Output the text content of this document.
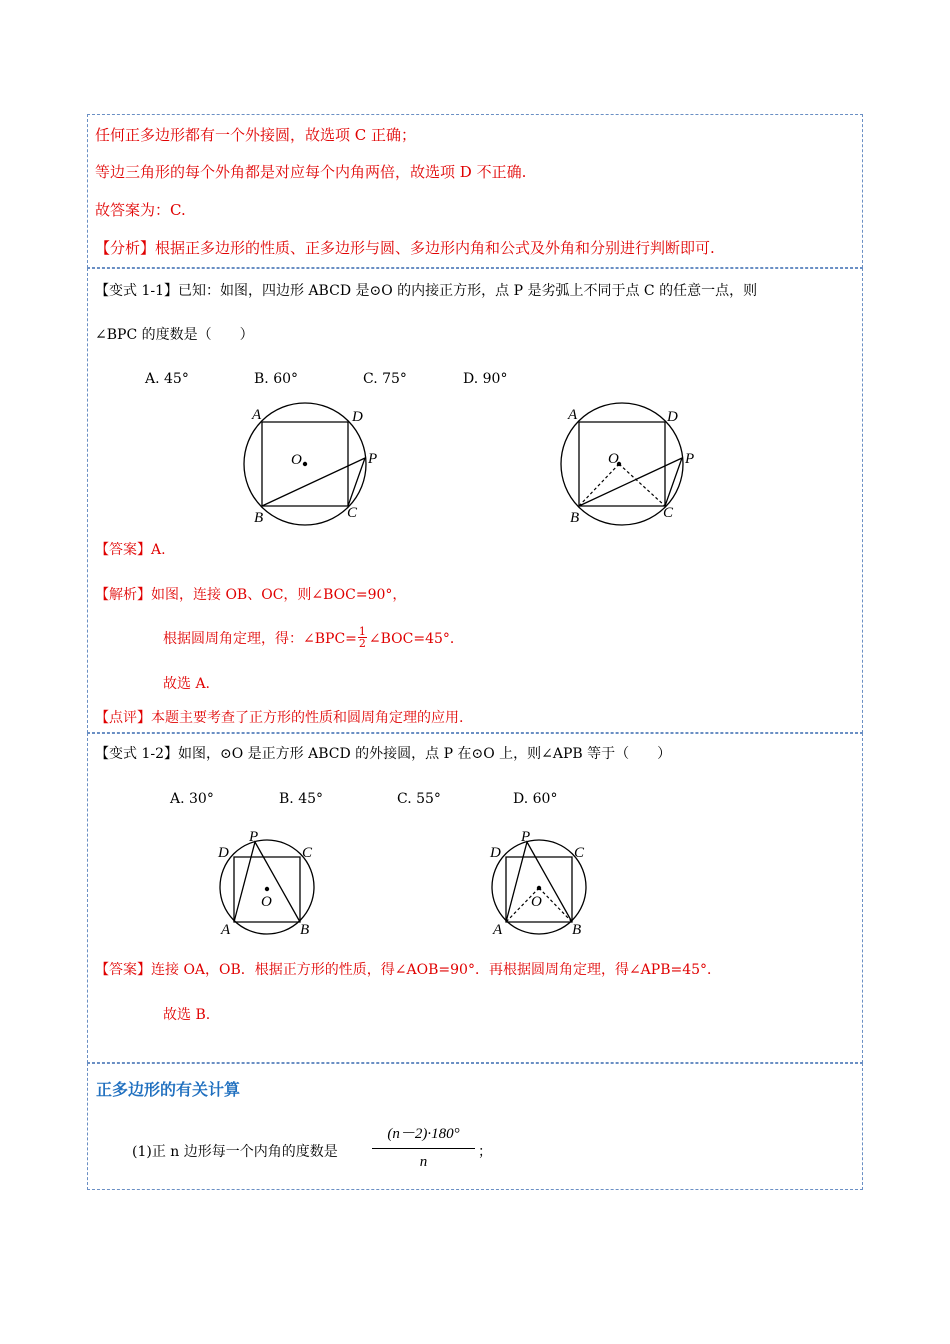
任何正多边形都有一个外接圆，故选项 C 正确；
等边三角形的每个外角都是对应每个内角两倍，故选项 D 不正确.
故答案为：C.
【分析】根据正多边形的性质、正多边形与圆、多边形内角和公式及外角和分别进行判断即可.
【变式 1-1】已知：如图，四边形 ABCD 是⊙O 的内接正方形，点 P 是劣弧上不同于点 C 的任意一点，则
∠BPC 的度数是（　　）
A. 45°	B. 60°	C. 75°	D. 90°
A	D
O	P
B	C
A	D
O	P
B	C
【答案】A.
【解析】如图，连接 OB、OC，则∠BOC=90°，
根据圆周角定理，得：∠BPC= 1
2 ∠BOC=45°．
故选 A.
【点评】本题主要考查了正方形的性质和圆周角定理的应用.
【变式 1-2】如图，⊙O 是正方形 ABCD 的外接圆，点 P 在⊙O 上，则∠APB 等于（　　）
A. 30°	B. 45°	C. 55°	D. 60°
P
D	C
O
A	B
P
D	C
O
A	B
【答案】连接 OA，OB．根据正方形的性质，得∠AOB=90°．再根据圆周角定理，得∠APB=45°．
故选 B.
正多边形的有关计算
(1)正 n 边形每一个内角的度数是
(n－2)·180°
n
；
